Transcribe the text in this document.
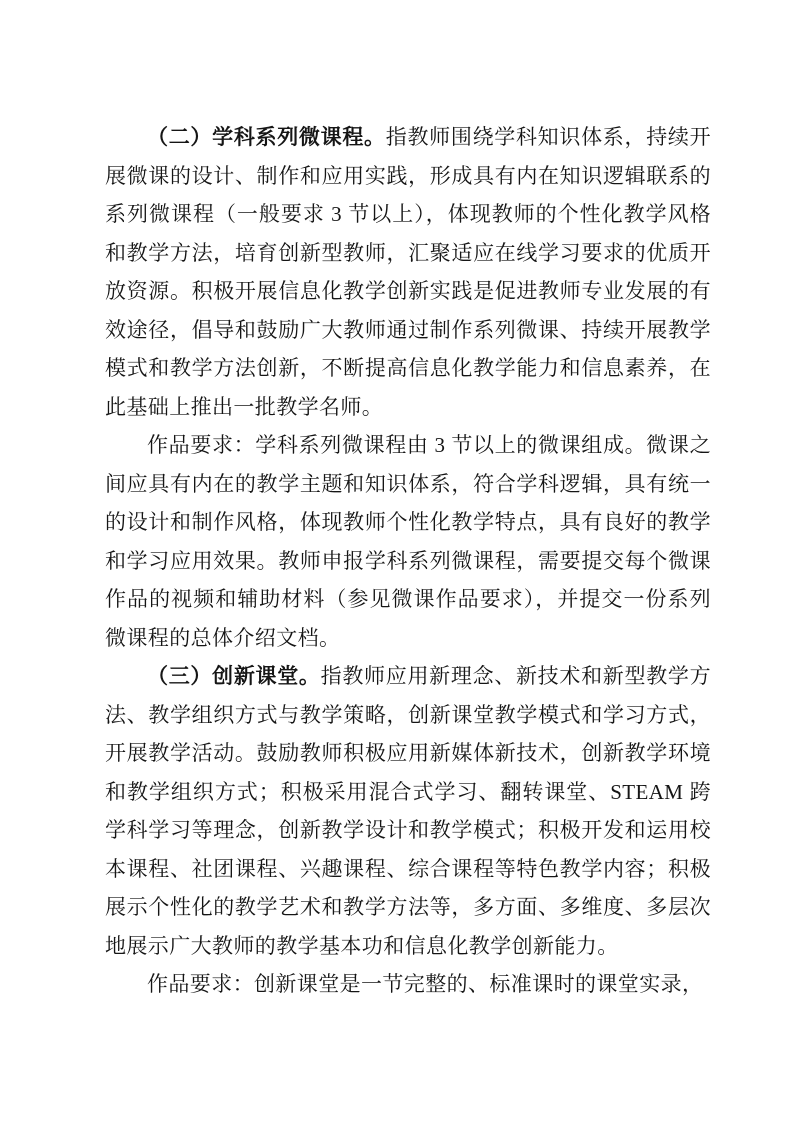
（二）学科系列微课程。指教师围绕学科知识体系，持续开展微课的设计、制作和应用实践，形成具有内在知识逻辑联系的系列微课程（一般要求 3 节以上），体现教师的个性化教学风格和教学方法，培育创新型教师，汇聚适应在线学习要求的优质开放资源。积极开展信息化教学创新实践是促进教师专业发展的有效途径，倡导和鼓励广大教师通过制作系列微课、持续开展教学模式和教学方法创新，不断提高信息化教学能力和信息素养，在此基础上推出一批教学名师。

作品要求：学科系列微课程由 3 节以上的微课组成。微课之间应具有内在的教学主题和知识体系，符合学科逻辑，具有统一的设计和制作风格，体现教师个性化教学特点，具有良好的教学和学习应用效果。教师申报学科系列微课程，需要提交每个微课作品的视频和辅助材料（参见微课作品要求），并提交一份系列微课程的总体介绍文档。

（三）创新课堂。指教师应用新理念、新技术和新型教学方法、教学组织方式与教学策略，创新课堂教学模式和学习方式，开展教学活动。鼓励教师积极应用新媒体新技术，创新教学环境和教学组织方式；积极采用混合式学习、翻转课堂、STEAM 跨学科学习等理念，创新教学设计和教学模式；积极开发和运用校本课程、社团课程、兴趣课程、综合课程等特色教学内容；积极展示个性化的教学艺术和教学方法等，多方面、多维度、多层次地展示广大教师的教学基本功和信息化教学创新能力。

作品要求：创新课堂是一节完整的、标准课时的课堂实录，
